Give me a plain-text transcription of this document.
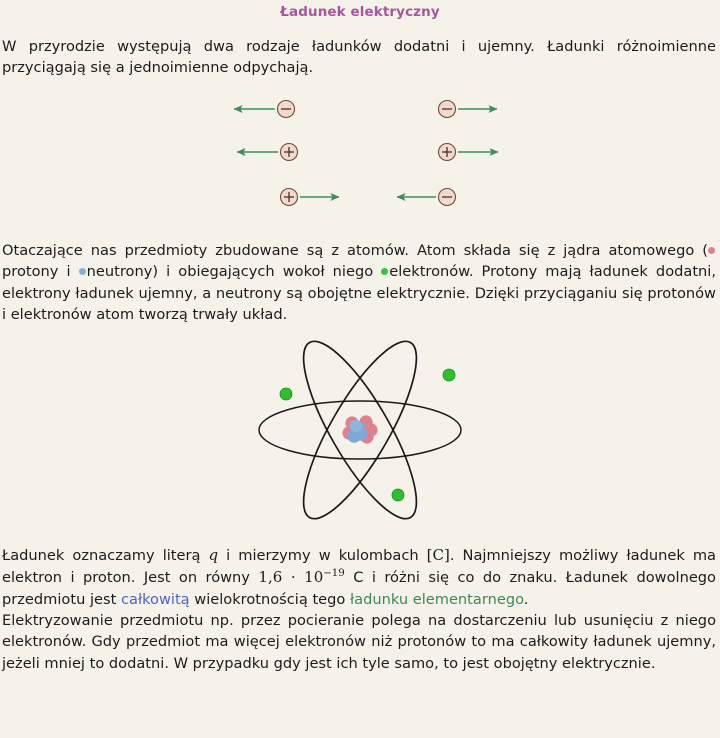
Ładunek elektryczny

W przyrodzie występują dwa rodzaje ładunków dodatni i ujemny. Ładunki różnoimienne przyciągają się a jednoimienne odpychają.

Otaczające nas przedmioty zbudowane są z atomów. Atom składa się z jądra atomowego (protony i neutrony) i obiegających wokoł niego elektronów. Protony mają ładunek dodatni, elektrony ładunek ujemny, a neutrony są obojętne elektrycznie. Dzięki przyciąganiu się protonów i elektronów atom tworzą trwały układ.

Ładunek oznaczamy literą q i mierzymy w kulombach [C]. Najmniejszy możliwy ładunek ma elektron i proton. Jest on równy $1,6 \cdot 10^{-19}$ C i różni się co do znaku. Ładunek dowolnego przedmiotu jest całkowitą wielokrotnością tego ładunku elementarnego.

Elektryzowanie przedmiotu np. przez pocieranie polega na dostarczeniu lub usunięciu z niego elektronów. Gdy przedmiot ma więcej elektronów niż protonów to ma całkowity ładunek ujemny, jeżeli mniej to dodatni. W przypadku gdy jest ich tyle samo, to jest obojętny elektrycznie.
